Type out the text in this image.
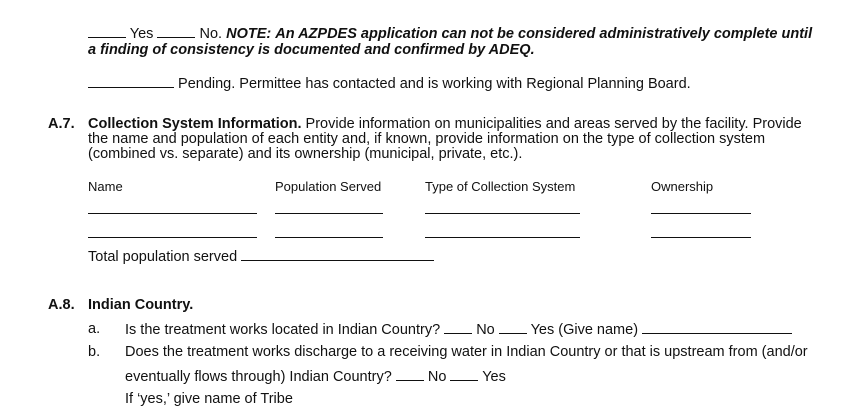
Yes	No. NOTE: An AZPDES application can not be considered administratively complete until
a finding of consistency is documented and confirmed by ADEQ.
Pending. Permittee has contacted and is working with Regional Planning Board.
A.7. Collection System Information. Provide information on municipalities and areas served by the facility. Provide
the name and population of each entity and, if known, provide information on the type of collection system
(combined vs. separate) and its ownership (municipal, private, etc.).
Name	Population Served	Type of Collection System	Ownership
Total population served
A.8. Indian Country.
a. Is the treatment works located in Indian Country? No Yes (Give name)
b. Does the treatment works discharge to a receiving water in Indian Country or that is upstream from (and/or
eventually flows through) Indian Country? No Yes
If ‘yes,’ give name of Tribe
